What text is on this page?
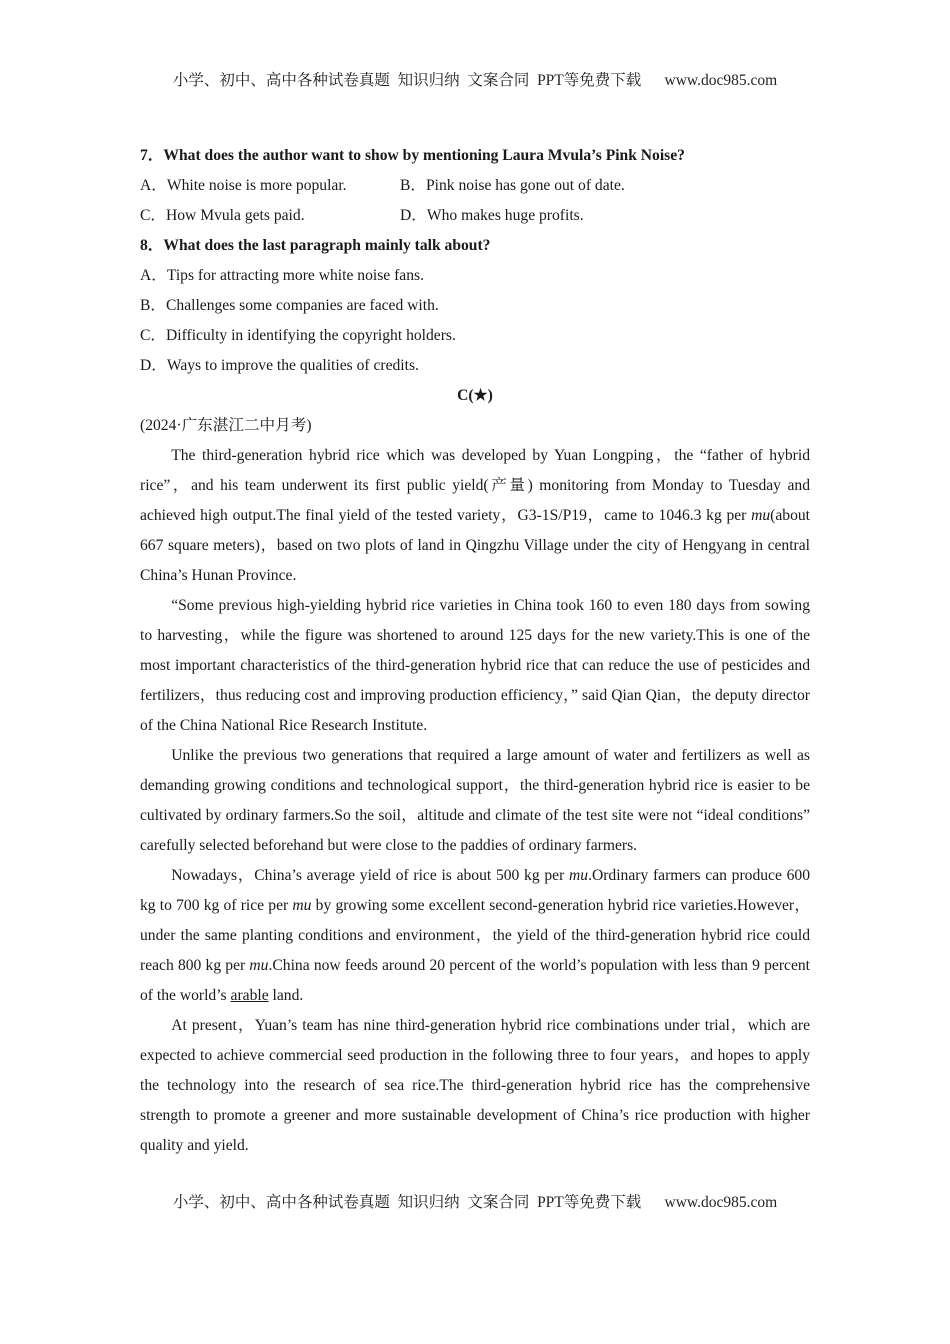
小学、初中、高中各种试卷真题  知识归纳  文案合同  PPT等免费下载      www.doc985.com

7．What does the author want to show by mentioning Laura Mvula’s Pink Noise?

A．White noise is more popular.	B．Pink noise has gone out of date.
C．How Mvula gets paid.	D．Who makes huge profits.

8．What does the last paragraph mainly talk about?

A．Tips for attracting more white noise fans.

B．Challenges some companies are faced with.

C．Difficulty in identifying the copyright holders.

D．Ways to improve the qualities of credits.

C(★)

(2024·广东湛江二中月考)

The third-generation hybrid rice which was developed by Yuan Longping，the “father of hybrid rice”，and his team underwent its first public yield(产量) monitoring from Monday to Tuesday and achieved high output.The final yield of the tested variety，G3-1S/P19，came to 1046.3 kg per mu(about 667 square meters)，based on two plots of land in Qingzhu Village under the city of Hengyang in central China’s Hunan Province.

“Some previous high-yielding hybrid rice varieties in China took 160 to even 180 days from sowing to harvesting，while the figure was shortened to around 125 days for the new variety.This is one of the most important characteristics of the third-generation hybrid rice that can reduce the use of pesticides and fertilizers，thus reducing cost and improving production efficiency，” said Qian Qian，the deputy director of the China National Rice Research Institute.

Unlike the previous two generations that required a large amount of water and fertilizers as well as demanding growing conditions and technological support，the third-generation hybrid rice is easier to be cultivated by ordinary farmers.So the soil，altitude and climate of the test site were not “ideal conditions” carefully selected beforehand but were close to the paddies of ordinary farmers.

Nowadays，China’s average yield of rice is about 500 kg per mu.Ordinary farmers can produce 600 kg to 700 kg of rice per mu by growing some excellent second-generation hybrid rice varieties.However，under the same planting conditions and environment，the yield of the third-generation hybrid rice could reach 800 kg per mu.China now feeds around 20 percent of the world’s population with less than 9 percent of the world’s arable land.

At present，Yuan’s team has nine third-generation hybrid rice combinations under trial，which are expected to achieve commercial seed production in the following three to four years，and hopes to apply the technology into the research of sea rice.The third-generation hybrid rice has the comprehensive strength to promote a greener and more sustainable development of China’s rice production with higher quality and yield.

小学、初中、高中各种试卷真题  知识归纳  文案合同  PPT等免费下载      www.doc985.com
